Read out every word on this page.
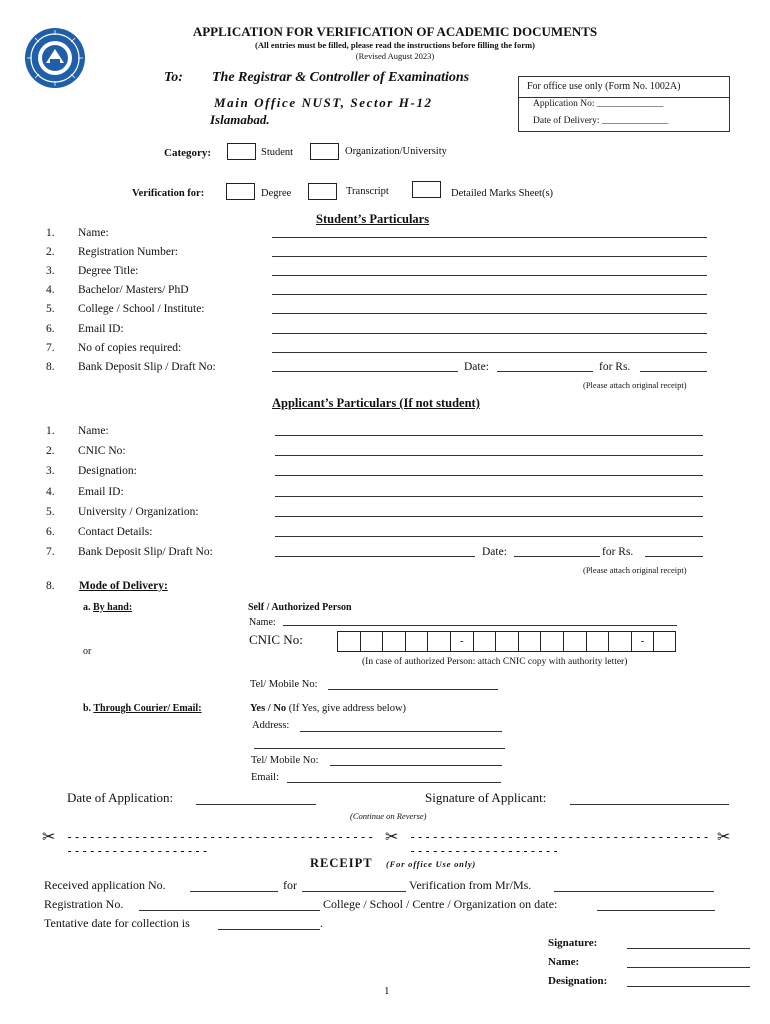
APPLICATION FOR VERIFICATION OF ACADEMIC DOCUMENTS
(All entries must be filled, please read the instructions before filling the form)
(Revised August 2023)
To: The Registrar & Controller of Examinations
Main Office NUST, Sector H-12
Islamabad.
For office use only (Form No. 1002A)
Application No: ______________
Date of Delivery: ______________
Category:	Student	Organization/University
Verification for:	Degree	Transcript	Detailed Marks Sheet(s)
Student’s Particulars
1. Name:
2. Registration Number:
3. Degree Title:
4. Bachelor/ Masters/ PhD
5. College / School / Institute:
6. Email ID:
7. No of copies required:
8. Bank Deposit Slip / Draft No:	Date:	for Rs.
(Please attach original receipt)
Applicant’s Particulars (If not student)
1. Name:
2. CNIC No:
3. Designation:
4. Email ID:
5. University / Organization:
6. Contact Details:
7. Bank Deposit Slip/ Draft No:	Date:	for Rs.
(Please attach original receipt)
8. Mode of Delivery:
a. By hand:	Self / Authorized Person
Name:
CNIC No:	-	-
or
(In case of authorized Person: attach CNIC copy with authority letter)
Tel/ Mobile No:
b. Through Courier/ Email:	Yes / No (If Yes, give address below)
Address:
Tel/ Mobile No:
Email:
Date of Application:	Signature of Applicant:
(Continue on Reverse)
✂ ------------------------------------------------------------
✂ ------------------------------------------------------------
✂
RECEIPT (For office Use only)
Received application No.	for	Verification from Mr/Ms.
Registration No.	College / School / Centre / Organization on date:
Tentative date for collection is	.
Signature:
Name:
Designation:
1
